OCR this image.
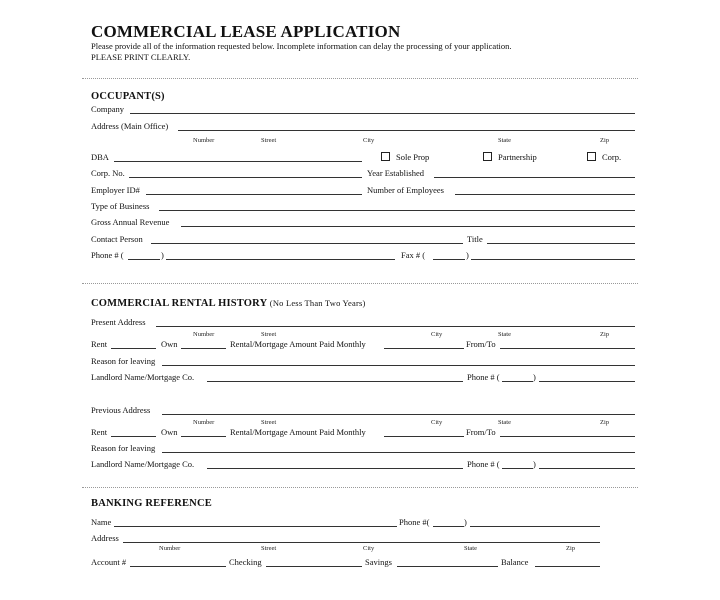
COMMERCIAL LEASE APPLICATION
Please provide all of the information requested below. Incomplete information can delay the processing of your application.
PLEASE PRINT CLEARLY.
OCCUPANT(S)
Company
Address (Main Office)
Number	Street	City	State	Zip
DBA	Sole Prop	Partnership	Corp.
Corp. No.	Year Established
Employer ID#	Number of Employees
Type of Business
Gross Annual Revenue
Contact Person	Title
Phone # (	)	Fax # (	)
COMMERCIAL RENTAL HISTORY (No Less Than Two Years)
Present Address
Number	Street	City	State	Zip
Rent	Own	Rental/Mortgage Amount Paid Monthly	From/To
Reason for leaving
Landlord Name/Mortgage Co.	Phone # (	)
Previous Address
Number	Street	City	State	Zip
Rent	Own	Rental/Mortgage Amount Paid Monthly	From/To
Reason for leaving
Landlord Name/Mortgage Co.	Phone # (	)
BANKING REFERENCE
Name	Phone #(	)
Address
Number	Street	City	State	Zip
Account #	Checking	Savings	Balance
